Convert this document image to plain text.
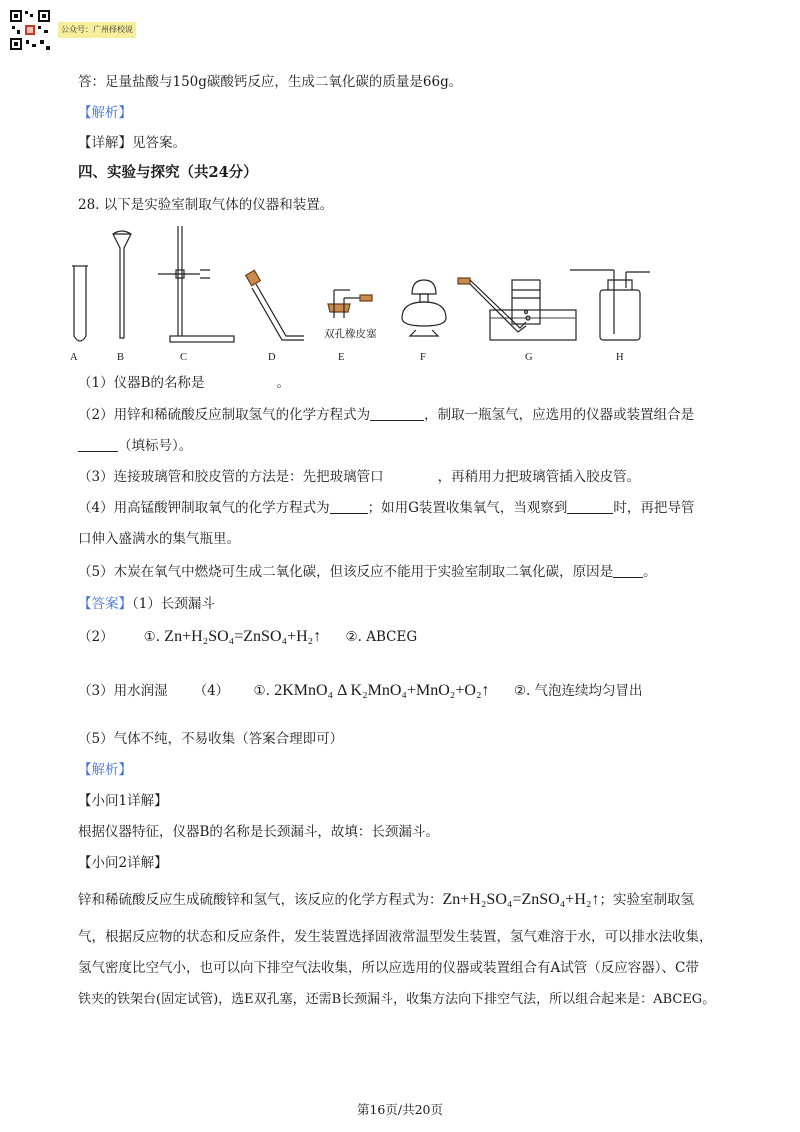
公众号：广州择校说
答：足量盐酸与150g碳酸钙反应，生成二氧化碳的质量是66g。
【解析】
【详解】见答案。
四、实验与探究（共24分）
28. 以下是实验室制取气体的仪器和装置。
A	B	C	D	E	F	G	H
双孔橡皮塞
（1）仪器B的名称是	。
（2）用锌和稀硫酸反应制取氢气的化学方程式为	，制取一瓶氢气，应选用的仪器或装置组合是
（填标号）。
（3）连接玻璃管和胶皮管的方法是：先把玻璃管口	，再稍用力把玻璃管插入胶皮管。
（4）用高锰酸钾制取氧气的化学方程式为	；如用G装置收集氧气，当观察到	时，再把导管
口伸入盛满水的集气瓶里。
（5）木炭在氧气中燃烧可生成二氧化碳，但该反应不能用于实验室制取二氧化碳，原因是 。
【答案】（1）长颈漏斗
（2） ①. Zn+H₂SO₄=ZnSO₄+H₂↑ ②. ABCEG
（3）用水润湿 （4） ①. 2KMnO₄ Δ K₂MnO₄+MnO₂+O₂↑ ②. 气泡连续均匀冒出
（5）气体不纯，不易收集（答案合理即可）
【解析】
【小问1详解】
根据仪器特征，仪器B的名称是长颈漏斗，故填：长颈漏斗。
【小问2详解】
锌和稀硫酸反应生成硫酸锌和氢气，该反应的化学方程式为：Zn+H₂SO₄=ZnSO₄+H₂↑；实验室制取氢
气，根据反应物的状态和反应条件，发生装置选择固液常温型发生装置，氢气难溶于水，可以排水法收集，
氢气密度比空气小，也可以向下排空气法收集，所以应选用的仪器或装置组合有A试管（反应容器）、C带
铁夹的铁架台(固定试管)，选E双孔塞，还需B长颈漏斗，收集方法向下排空气法，所以组合起来是：ABCEG。
第16页/共20页
